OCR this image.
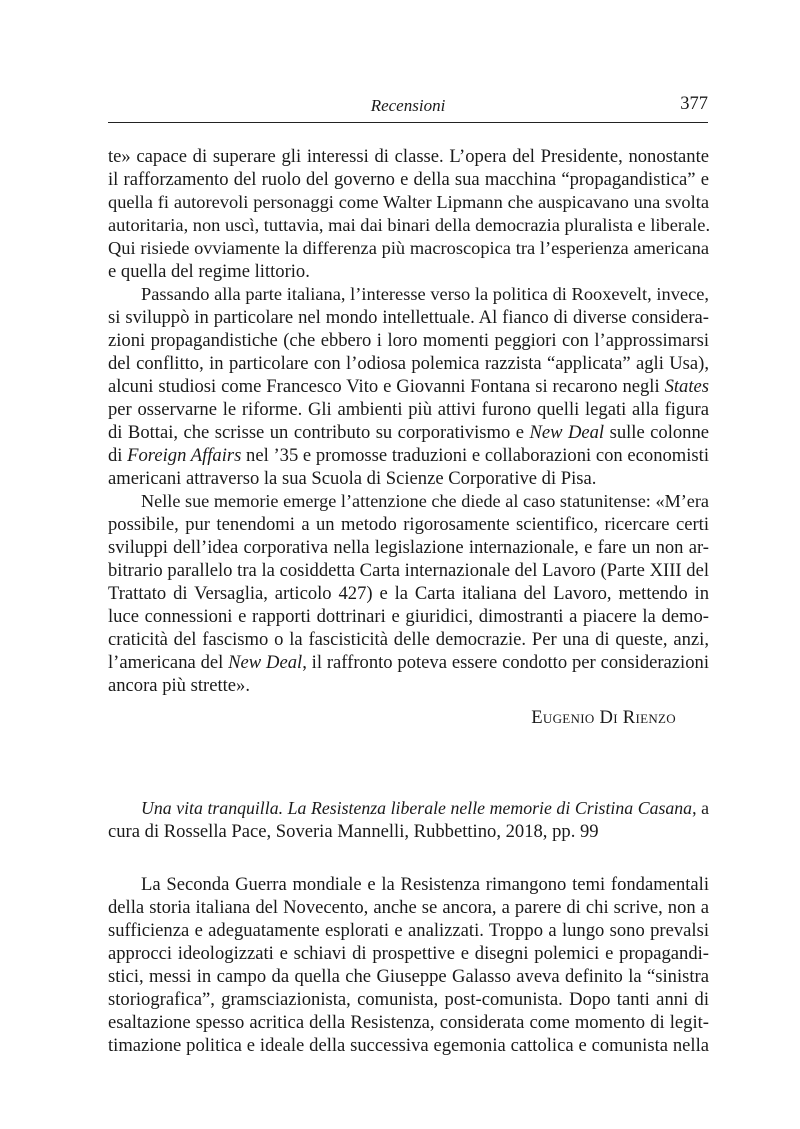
Recensioni	377
te» capace di superare gli interessi di classe. L’opera del Presidente, nonostante
il rafforzamento del ruolo del governo e della sua macchina “propagandistica” e
quella fi autorevoli personaggi come Walter Lipmann che auspicavano una svolta
autoritaria, non uscì, tuttavia, mai dai binari della democrazia pluralista e liberale.
Qui risiede ovviamente la differenza più macroscopica tra l’esperienza americana
e quella del regime littorio.
Passando alla parte italiana, l’interesse verso la politica di Rooxevelt, invece,
si sviluppò in particolare nel mondo intellettuale. Al fianco di diverse considera-
zioni propagandistiche (che ebbero i loro momenti peggiori con l’approssimarsi
del conflitto, in particolare con l’odiosa polemica razzista “applicata” agli Usa),
alcuni studiosi come Francesco Vito e Giovanni Fontana si recarono negli States
per osservarne le riforme. Gli ambienti più attivi furono quelli legati alla figura
di Bottai, che scrisse un contributo su corporativismo e New Deal sulle colonne
di Foreign Affairs nel ’35 e promosse traduzioni e collaborazioni con economisti
americani attraverso la sua Scuola di Scienze Corporative di Pisa.
Nelle sue memorie emerge l’attenzione che diede al caso statunitense: «M’era
possibile, pur tenendomi a un metodo rigorosamente scientifico, ricercare certi
sviluppi dell’idea corporativa nella legislazione internazionale, e fare un non ar-
bitrario parallelo tra la cosiddetta Carta internazionale del Lavoro (Parte XIII del
Trattato di Versaglia, articolo 427) e la Carta italiana del Lavoro, mettendo in
luce connessioni e rapporti dottrinari e giuridici, dimostranti a piacere la demo-
craticità del fascismo o la fascisticità delle democrazie. Per una di queste, anzi,
l’americana del New Deal, il raffronto poteva essere condotto per considerazioni
ancora più strette».
Eugenio Di Rienzo
Una vita tranquilla. La Resistenza liberale nelle memorie di Cristina Casana, a
cura di Rossella Pace, Soveria Mannelli, Rubbettino, 2018, pp. 99
La Seconda Guerra mondiale e la Resistenza rimangono temi fondamentali
della storia italiana del Novecento, anche se ancora, a parere di chi scrive, non a
sufficienza e adeguatamente esplorati e analizzati. Troppo a lungo sono prevalsi
approcci ideologizzati e schiavi di prospettive e disegni polemici e propagandi-
stici, messi in campo da quella che Giuseppe Galasso aveva definito la “sinistra
storiografica”, gramsciazionista, comunista, post-comunista. Dopo tanti anni di
esaltazione spesso acritica della Resistenza, considerata come momento di legit-
timazione politica e ideale della successiva egemonia cattolica e comunista nella
